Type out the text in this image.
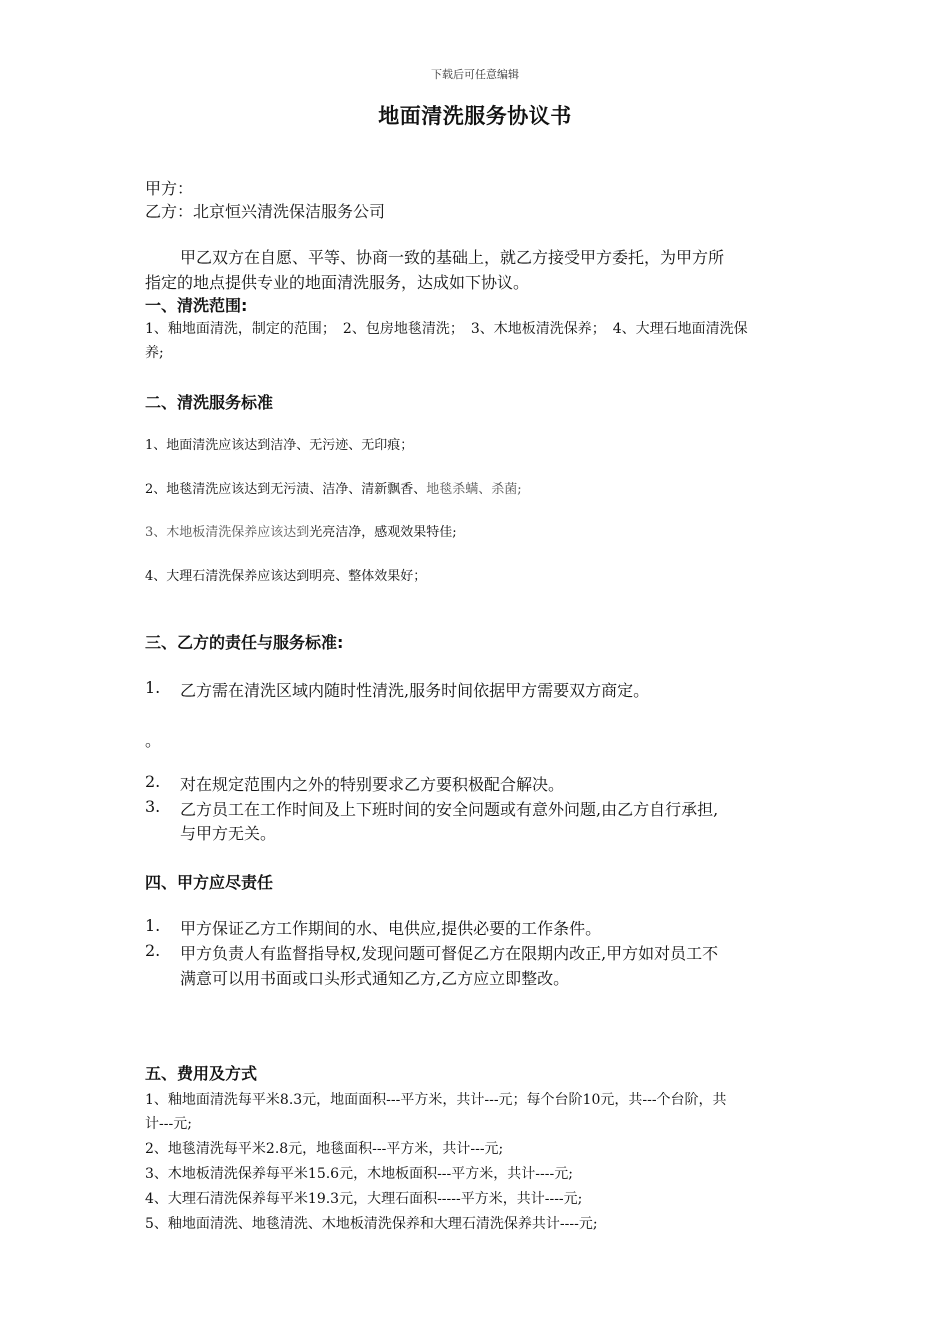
下载后可任意编辑
地面清洗服务协议书
甲方：
乙方：北京恒兴清洗保洁服务公司
甲乙双方在自愿、平等、协商一致的基础上，就乙方接受甲方委托，为甲方所
指定的地点提供专业的地面清洗服务，达成如下协议。
一、清洗范围:
1、釉地面清洗，制定的范围；　2、包房地毯清洗；　3、木地板清洗保养；　4、大理石地面清洗保
养;
二、清洗服务标准
1、地面清洗应该达到洁净、无污迹、无印痕；
2、地毯清洗应该达到无污渍、洁净、清新飘香、地毯杀螨、杀菌;
3、木地板清洗保养应该达到光亮洁净，感观效果特佳;
4、大理石清洗保养应该达到明亮、整体效果好；
三、乙方的责任与服务标准:
1. 乙方需在清洗区域内随时性清洗,服务时间依据甲方需要双方商定。
。
2. 对在规定范围内之外的特别要求乙方要积极配合解决。
3. 乙方员工在工作时间及上下班时间的安全问题或有意外问题,由乙方自行承担,
与甲方无关。
四、甲方应尽责任
1. 甲方保证乙方工作期间的水、电供应,提供必要的工作条件。
2. 甲方负责人有监督指导权,发现问题可督促乙方在限期内改正,甲方如对员工不
满意可以用书面或口头形式通知乙方,乙方应立即整改。
五、费用及方式
1、釉地面清洗每平米8.3元，地面面积---平方米，共计---元；每个台阶10元，共---个台阶，共
计---元;
2、地毯清洗每平米2.8元，地毯面积---平方米，共计---元;
3、木地板清洗保养每平米15.6元，木地板面积---平方米，共计----元;
4、大理石清洗保养每平米19.3元，大理石面积-----平方米，共计----元;
5、釉地面清洗、地毯清洗、木地板清洗保养和大理石清洗保养共计----元;
